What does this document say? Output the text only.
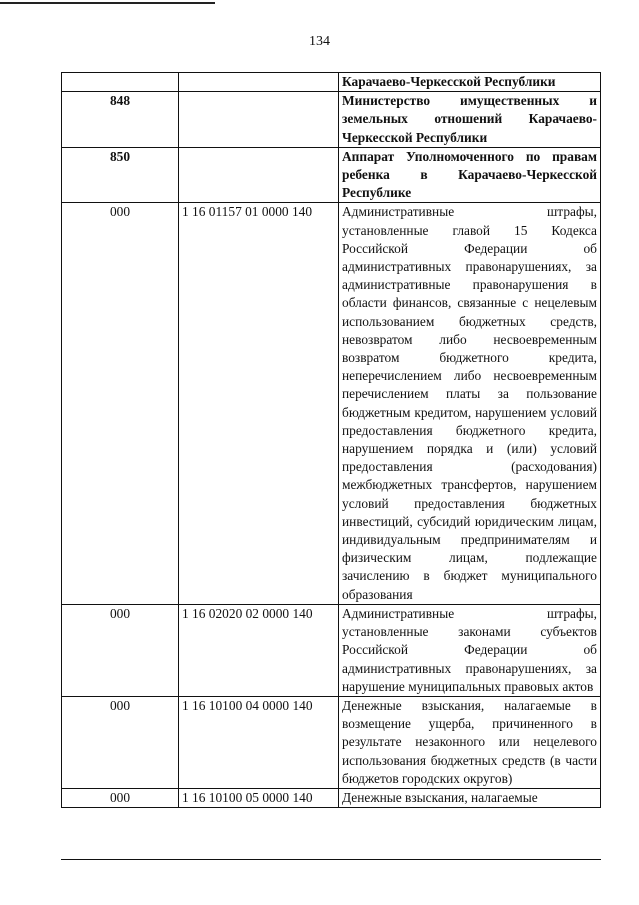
134
		Карачаево-Черкесской Республики
848		Министерство имущественных и земельных отношений Карачаево-Черкесской Республики
850		Аппарат Уполномоченного по правам ребенка в Карачаево-Черкесской Республике
000	1 16 01157 01 0000 140	Административные штрафы, установленные главой 15 Кодекса Российской Федерации об административных правонарушениях, за административные правонарушения в области финансов, связанные с нецелевым использованием бюджетных средств, невозвратом либо несвоевременным возвратом бюджетного кредита, неперечислением либо несвоевременным перечислением платы за пользование бюджетным кредитом, нарушением условий предоставления бюджетного кредита, нарушением порядка и (или) условий предоставления (расходования) межбюджетных трансфертов, нарушением условий предоставления бюджетных инвестиций, субсидий юридическим лицам, индивидуальным предпринимателям и физическим лицам, подлежащие зачислению в бюджет муниципального образования
000	1 16 02020 02 0000 140	Административные штрафы, установленные законами субъектов Российской Федерации об административных правонарушениях, за нарушение муниципальных правовых актов
000	1 16 10100 04 0000 140	Денежные взыскания, налагаемые в возмещение ущерба, причиненного в результате незаконного или нецелевого использования бюджетных средств (в части бюджетов городских округов)
000	1 16 10100 05 0000 140	Денежные взыскания, налагаемые
